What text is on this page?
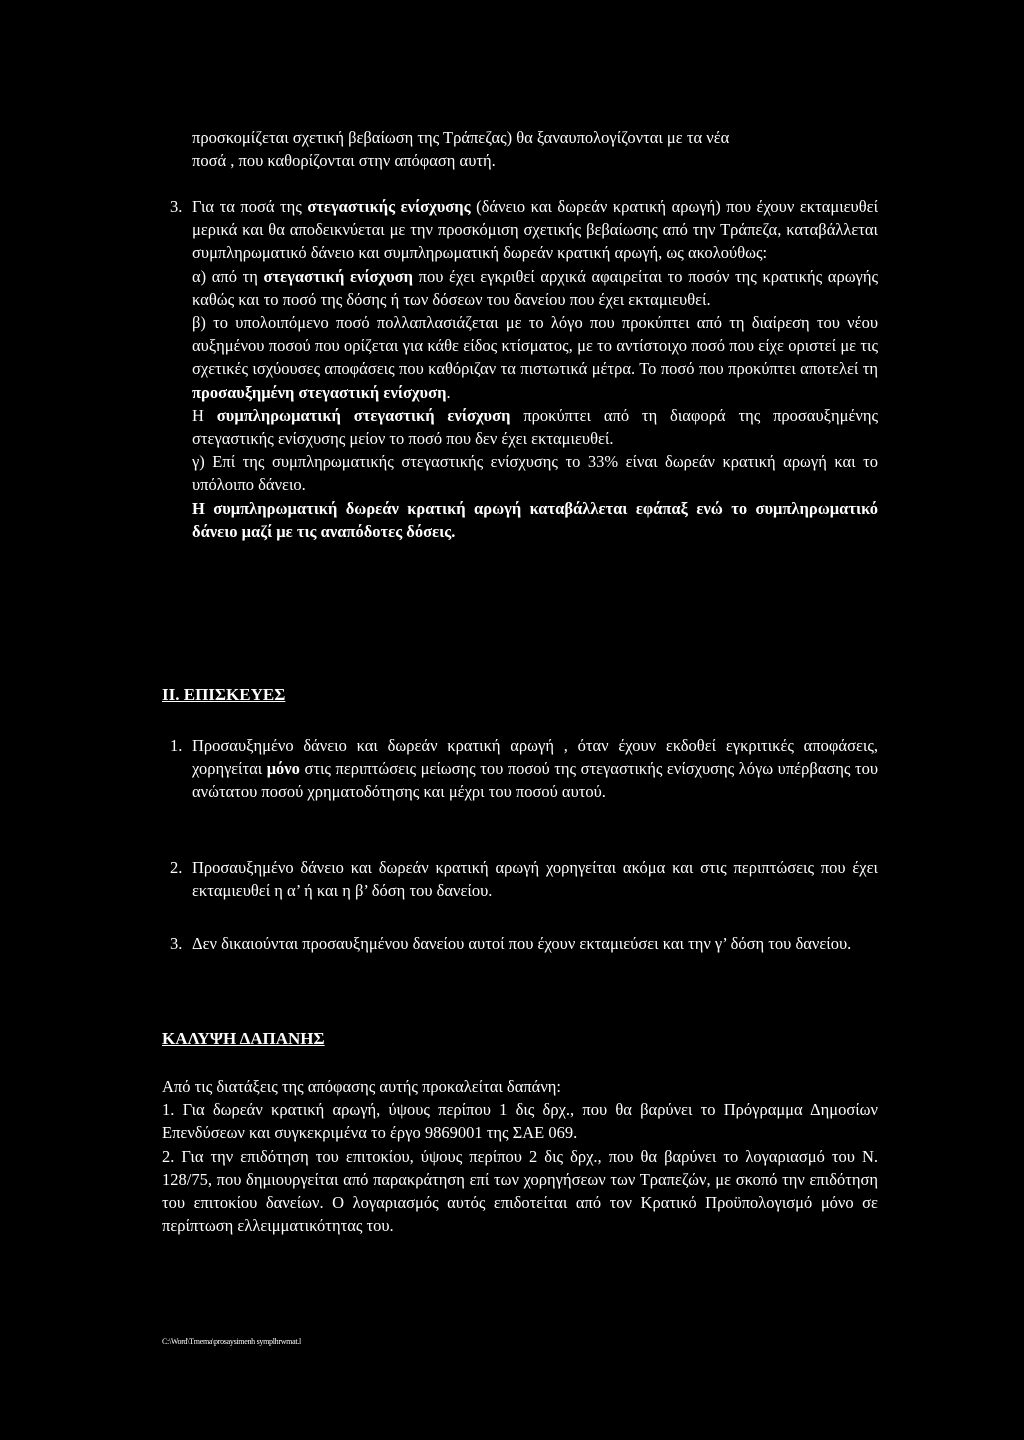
προσκομίζεται σχετική βεβαίωση της Τράπεζας) θα ξαναυπολογίζονται με τα νέα

ποσά , που καθορίζονται στην απόφαση αυτή.

3. Για τα ποσά της στεγαστικής ενίσχυσης (δάνειο και δωρεάν κρατική αρωγή) που έχουν εκταμιευθεί μερικά και θα αποδεικνύεται με την προσκόμιση σχετικής βεβαίωσης από την Τράπεζα, καταβάλλεται συμπληρωματικό δάνειο και συμπληρωματική δωρεάν κρατική αρωγή, ως ακολούθως:

α) από τη στεγαστική ενίσχυση που έχει εγκριθεί αρχικά αφαιρείται το ποσόν της κρατικής αρωγής καθώς και το ποσό της δόσης ή των δόσεων του δανείου που έχει εκταμιευθεί.

β) το υπολοιπόμενο ποσό πολλαπλασιάζεται με το λόγο που προκύπτει από τη διαίρεση του νέου αυξημένου ποσού που ορίζεται για κάθε είδος κτίσματος, με το αντίστοιχο ποσό που είχε οριστεί με τις σχετικές ισχύουσες αποφάσεις που καθόριζαν τα πιστωτικά μέτρα. Το ποσό που προκύπτει αποτελεί τη προσαυξημένη στεγαστική ενίσχυση.

Η συμπληρωματική στεγαστική ενίσχυση προκύπτει από τη διαφορά της προσαυξημένης στεγαστικής ενίσχυσης μείον το ποσό που δεν έχει εκταμιευθεί.

γ) Επί της συμπληρωματικής στεγαστικής ενίσχυσης το 33% είναι δωρεάν κρατική αρωγή και το υπόλοιπο δάνειο.

Η συμπληρωματική δωρεάν κρατική αρωγή καταβάλλεται εφάπαξ ενώ το συμπληρωματικό δάνειο μαζί με τις αναπόδοτες δόσεις.

II. ΕΠΙΣΚΕΥΕΣ
1. Προσαυξημένο δάνειο και δωρεάν κρατική αρωγή , όταν έχουν εκδοθεί εγκριτικές αποφάσεις, χορηγείται μόνο στις περιπτώσεις μείωσης του ποσού της στεγαστικής ενίσχυσης λόγω υπέρβασης του ανώτατου ποσού χρηματοδότησης και μέχρι του ποσού αυτού.

2. Προσαυξημένο δάνειο και δωρεάν κρατική αρωγή χορηγείται ακόμα και στις περιπτώσεις που έχει εκταμιευθεί η α’ ή και η β’ δόση του δανείου.

3. Δεν δικαιούνται προσαυξημένου δανείου αυτοί που έχουν εκταμιεύσει και την γ’ δόση του δανείου.

ΚΑΛΥΨΗ ΔΑΠΑΝΗΣ

Από τις διατάξεις της απόφασης αυτής προκαλείται δαπάνη:

1. Για δωρεάν κρατική αρωγή, ύψους περίπου 1 δις δρχ., που θα βαρύνει το Πρόγραμμα Δημοσίων Επενδύσεων και συγκεκριμένα το έργο 9869001 της ΣΑΕ 069.

2. Για την επιδότηση του επιτοκίου, ύψους περίπου 2 δις δρχ., που θα βαρύνει το λογαριασμό του Ν. 128/75, που δημιουργείται από παρακράτηση επί των χορηγήσεων των Τραπεζών, με σκοπό την επιδότηση του επιτοκίου δανείων. Ο λογαριασμός αυτός επιδοτείται από τον Κρατικό Προϋπολογισμό μόνο σε περίπτωση ελλειμματικότητας του.

C:\Word\Tmema\prosaysimenh symplhrwmat.l
